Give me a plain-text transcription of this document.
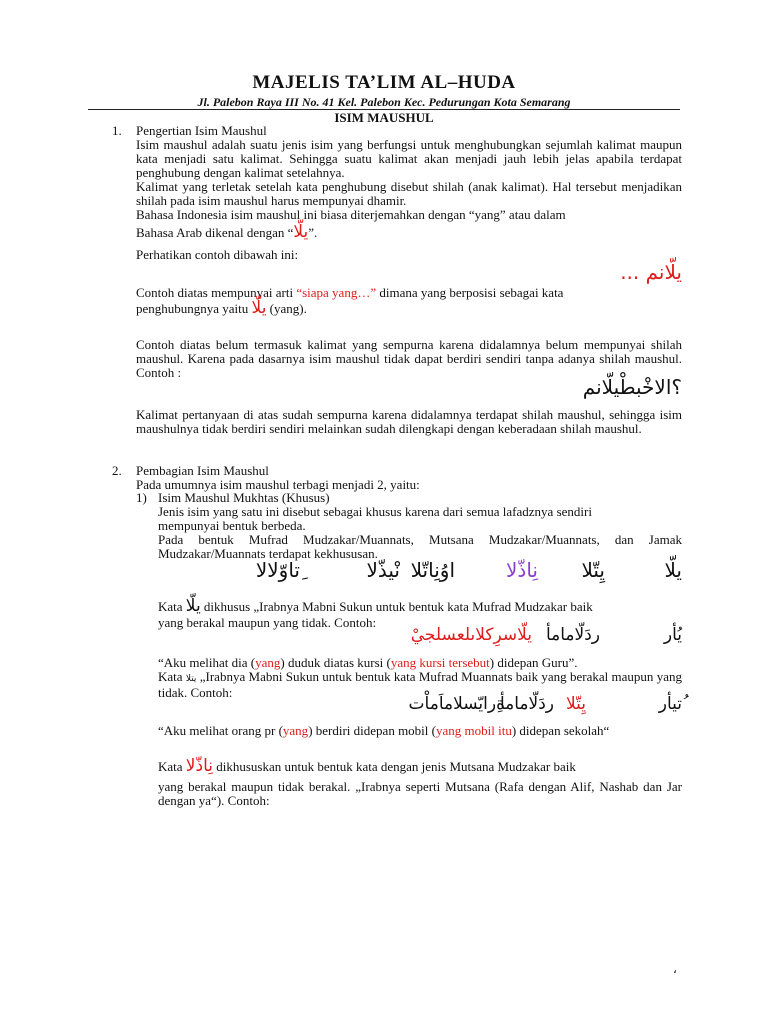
MAJELIS TA’LIM AL–HUDA
Jl. Palebon Raya III No. 41 Kel. Palebon Kec. Pedurungan Kota Semarang
ISIM MAUSHUL
1.	Pengertian Isim Maushul
Isim maushul adalah suatu jenis isim yang berfungsi untuk menghubungkan sejumlah kalimat maupun kata menjadi satu kalimat. Sehingga suatu kalimat akan menjadi jauh lebih jelas apabila terdapat penghubung dengan kalimat setelahnya.
Kalimat yang terletak setelah kata penghubung disebut shilah (anak kalimat). Hal tersebut menjadikan shilah pada isim maushul harus mempunyai dhamir.
Bahasa Indonesia isim maushul ini biasa diterjemahkan dengan “yang” atau dalam
Bahasa Arab dikenal dengan “يلّا”.
Perhatikan contoh dibawah ini:
يلّانم ...
Contoh diatas mempunyai arti “siapa yang…” dimana yang berposisi sebagai kata
penghubungnya yaitu يلّا (yang).
Contoh diatas belum termasuk kalimat yang sempurna karena didalamnya belum mempunyai shilah maushul. Karena pada dasarnya isim maushul tidak dapat berdiri sendiri tanpa adanya shilah maushul. Contoh :
؟الاخْبطْيلّانم
Kalimat pertanyaan di atas sudah sempurna karena didalamnya terdapat shilah maushul, sehingga isim maushulnya tidak berdiri sendiri melainkan sudah dilengkapi dengan keberadaan shilah maushul.
2.	Pembagian Isim Maushul
Pada umumnya isim maushul terbagi menjadi 2, yaitu:
1) Isim Maushul Mukhtas (Khusus)
Jenis isim yang satu ini disebut sebagai khusus karena dari semua lafadznya sendiri mempunyai bentuk berbeda.
Pada bentuk Mufrad Mudzakar/Muannats, Mutsana Mudzakar/Muannats, dan Jamak Mudzakar/Muannats terdapat kekhususan.
ِتاوّلالا	نْيذّلا اوُنِاتّلا	نِاذّلا	يِتّلا	يلّا
Kata يلّا dikhusus „Irabnya Mabni Sukun untuk bentuk kata Mufrad Mudzakar baik
yang berakal maupun yang tidak. Contoh:
يلّاسرِكلاىلعسلجيْ ردَلّامامأ	يُأر
“Aku melihat dia (yang) duduk diatas kursi (yang kursi tersebut) didepan Guru”.
Kata يتلا „Irabnya Mabni Sukun untuk bentuk kata Mufrad Muannats baik yang berakal maupun yang tidak. Contoh:
ةِرايّسلاماَماْت
ردَلّامامأ يِتّلا	ُتيأر
“Aku melihat orang pr (yang) berdiri didepan mobil (yang mobil itu) didepan sekolah“
Kata نِاذّلا dikhususkan untuk bentuk kata dengan jenis Mutsana Mudzakar baik
yang berakal maupun tidak berakal. „Irabnya seperti Mutsana (Rafa dengan Alif, Nashab dan Jar dengan ya“). Contoh:
،
